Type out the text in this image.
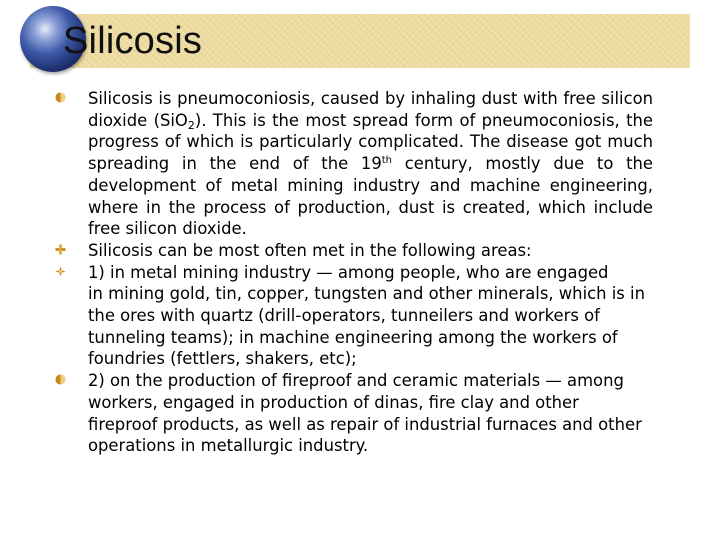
Silicosis

Silicosis is pneumoconiosis, caused by inhaling dust with free silicon dioxide (SiO$_2$). This is the most spread form of pneumoconiosis, the progress of which is particularly complicated. The disease got much spreading in the end of the 19th century, mostly due to the development of metal mining industry and machine engineering, where in the process of production, dust is created, which include free silicon dioxide.

Silicosis can be most often met in the following areas:

1) in metal mining industry — among people, who are engaged

in mining gold, tin, copper, tungsten and other minerals, which is in the ores with quartz (drill-operators, tunneilers and workers of tunneling teams); in machine engineering among the workers of foundries (fettlers, shakers, etc);

2) on the production of fireproof and ceramic materials — among

workers, engaged in production of dinas, fire clay and other fireproof products, as well as repair of industrial furnaces and other operations in metallurgic industry.
